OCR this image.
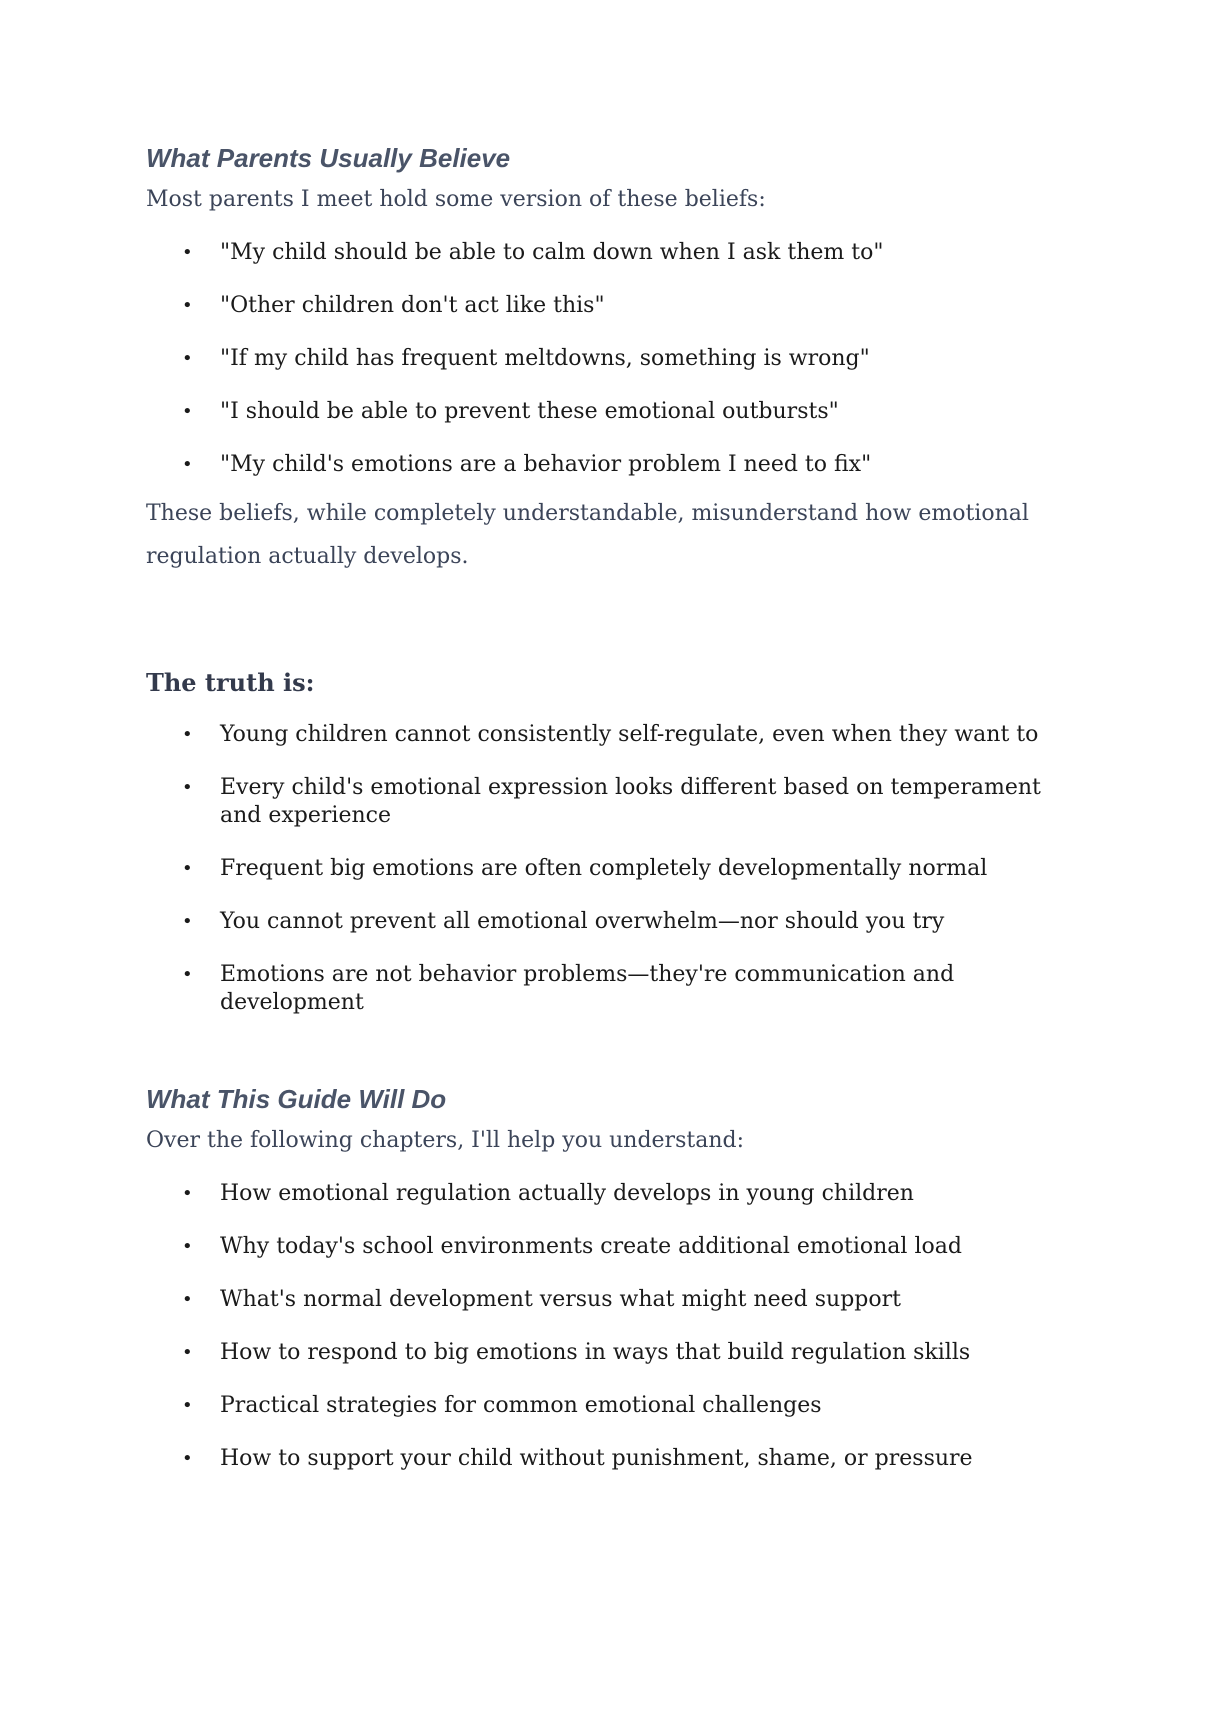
What Parents Usually Believe

Most parents I meet hold some version of these beliefs:

• "My child should be able to calm down when I ask them to"
• "Other children don't act like this"
• "If my child has frequent meltdowns, something is wrong"
• "I should be able to prevent these emotional outbursts"
• "My child's emotions are a behavior problem I need to fix"

These beliefs, while completely understandable, misunderstand how emotional
regulation actually develops.

The truth is:
• Young children cannot consistently self-regulate, even when they want to
• Every child's emotional expression looks different based on temperament and experience
• Frequent big emotions are often completely developmentally normal
• You cannot prevent all emotional overwhelm—nor should you try
• Emotions are not behavior problems—they're communication and development
What This Guide Will Do

Over the following chapters, I'll help you understand:

• How emotional regulation actually develops in young children
• Why today's school environments create additional emotional load
• What's normal development versus what might need support
• How to respond to big emotions in ways that build regulation skills
• Practical strategies for common emotional challenges
• How to support your child without punishment, shame, or pressure
